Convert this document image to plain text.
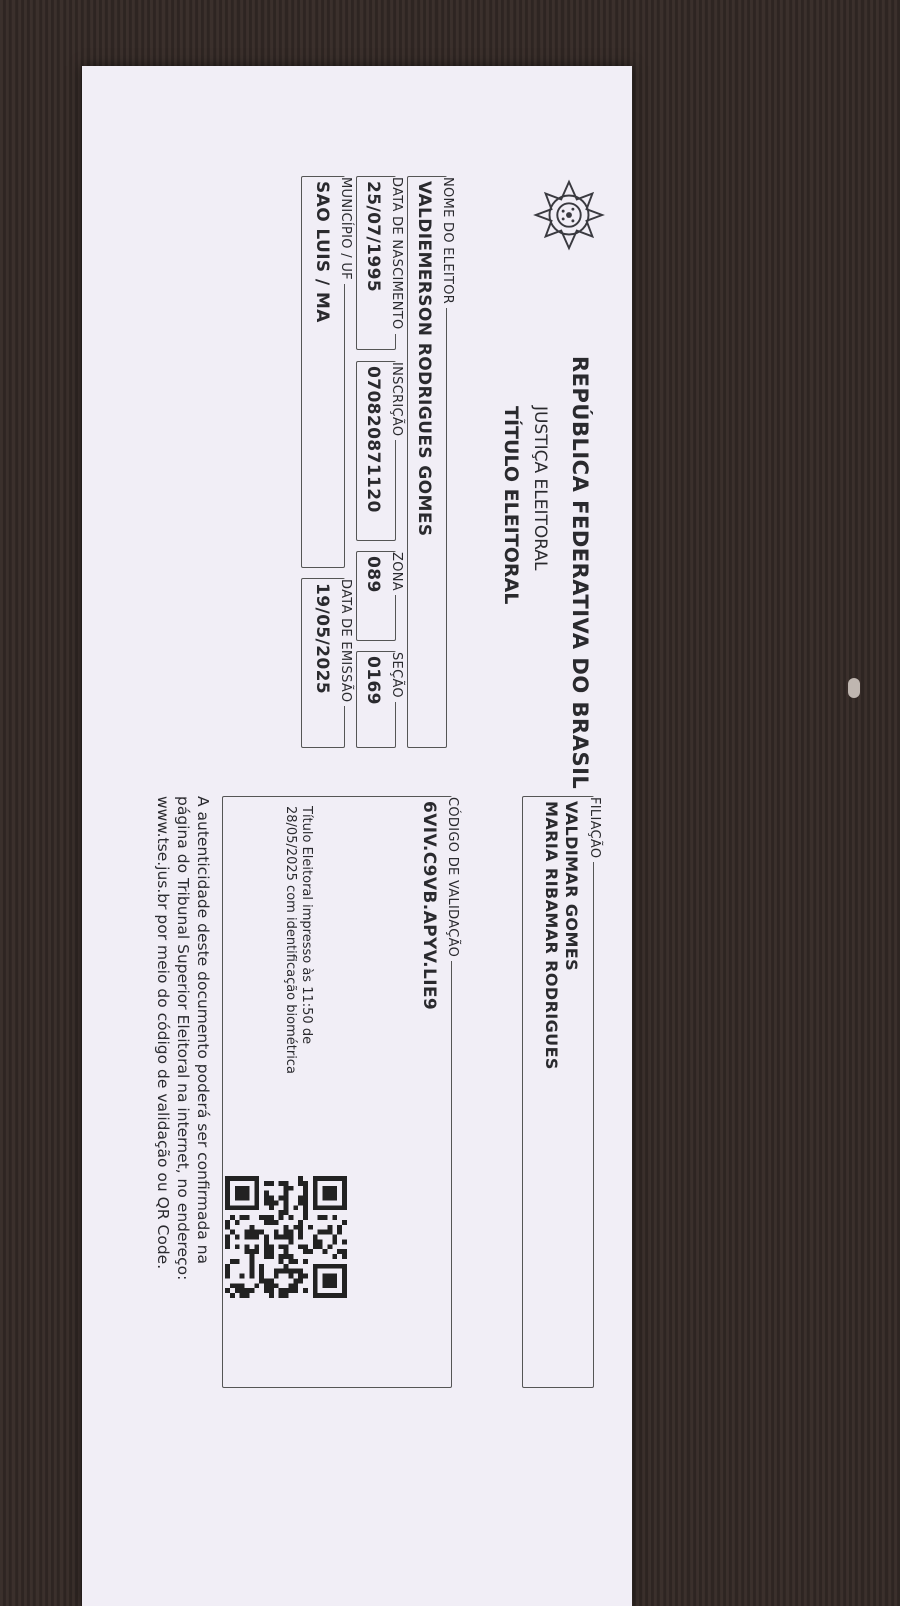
REPÚBLICA FEDERATIVA DO BRASIL
JUSTIÇA ELEITORAL
TÍTULO ELEITORAL
NOME DO ELEITOR
VALDIEMERSON RODRIGUES GOMES
DATA DE NASCIMENTO
25/07/1995
INSCRIÇÃO
070820871120
ZONA
089
SEÇÃO
0169
MUNICÍPIO / UF
SAO LUIS / MA
DATA DE EMISSÃO
19/05/2025
FILIAÇÃO
VALDIMAR GOMES
MARIA RIBAMAR RODRIGUES
CÓDIGO DE VALIDAÇÃO
6VIV.C9VB.APYV.LIE9
Título Eleitoral impresso às 11:50 de
28/05/2025 com identificação biométrica
A autenticidade deste documento poderá ser confirmada na
página do Tribunal Superior Eleitoral na internet, no endereço:
www.tse.jus.br por meio do código de validação ou QR Code.
